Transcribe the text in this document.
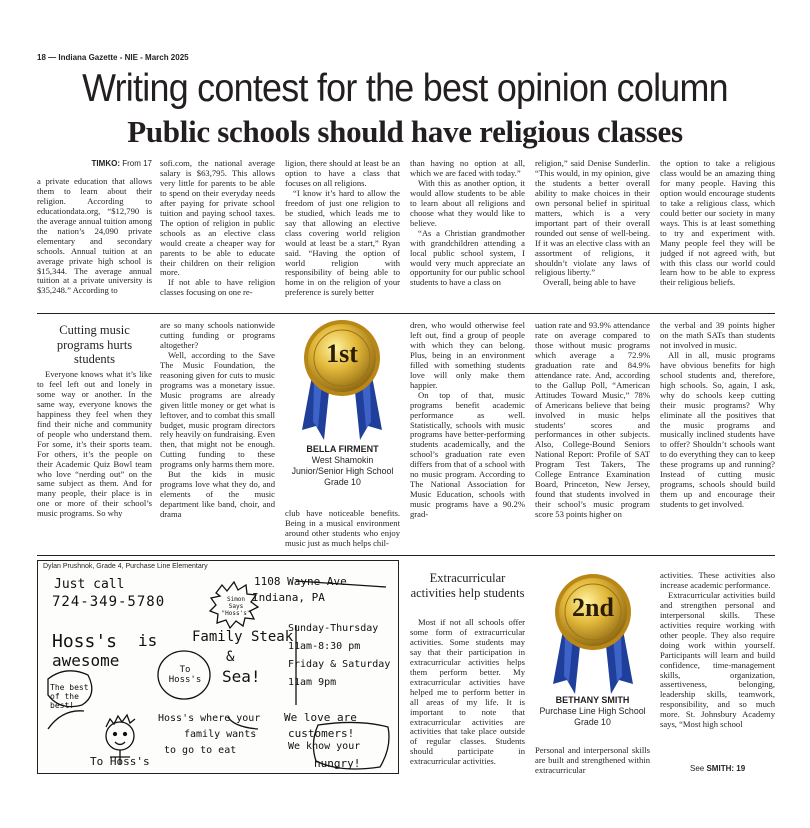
18 — Indiana Gazette - NIE - March 2025
Writing contest for the best opinion column
Public schools should have religious classes
TIMKO: From 17

a private education that allows them to learn about their religion. According to educationdata.org, “$12,790 is the average annual tuition among the nation’s 24,090 private elementary and secondary schools. Annual tuition at an average private high school is $15,344. The average annual tuition at a private university is $35,248.” According to

sofi.com, the national average salary is $63,795. This allows very little for parents to be able to spend on their everyday needs after paying for private school tuition and paying school taxes. The option of religion in public schools as an elective class would create a cheaper way for parents to be able to educate their children on their religion more.

If not able to have religion classes focusing on one re-

ligion, there should at least be an option to have a class that focuses on all religions.

“I know it’s hard to allow the freedom of just one religion to be studied, which leads me to say that allowing an elective class covering world religion would at least be a start,” Ryan said. “Having the option of world religion with responsibility of being able to home in on the religion of your preference is surely better

than having no option at all, which we are faced with today.”

With this as another option, it would allow students to be able to learn about all religions and choose what they would like to believe.

“As a Christian grandmother with grandchildren attending a local public school system, I would very much appreciate an opportunity for our public school students to have a class on

religion,” said Denise Sunderlin. “This would, in my opinion, give the students a better overall ability to make choices in their own personal belief in spiritual matters, which is a very important part of their overall rounded out sense of well-being. If it was an elective class with an assortment of religions, it shouldn’t violate any laws of religious liberty.”

Overall, being able to have

the option to take a religious class would be an amazing thing for many people. Having this option would encourage students to take a religious class, which could better our society in many ways. This is at least something to try and experiment with. Many people feel they will be judged if not agreed with, but with this class our world could learn how to be able to express their religious beliefs.

Cutting music programs hurts students

Everyone knows what it’s like to feel left out and lonely in some way or another. In the same way, everyone knows the happiness they feel when they find their niche and community of people who understand them. For some, it’s their sports team. For others, it’s the people on their Academic Quiz Bowl team who love “nerding out” on the same subject as them. And for many people, their place is in one or more of their school’s music programs. So why

are so many schools nationwide cutting funding or programs altogether?

Well, according to the Save The Music Foundation, the reasoning given for cuts to music programs was a monetary issue. Music programs are already given little money or get what is leftover, and to combat this small budget, music program directors rely heavily on fundraising. Even then, that might not be enough. Cutting funding to these programs only harms them more.

But the kids in music programs love what they do, and elements of the music department like band, choir, and drama

1st
BELLA FIRMENT
West Shamokin Junior/Senior High School
Grade 10

club have noticeable benefits. Being in a musical environment around other students who enjoy music just as much helps chil-

dren, who would otherwise feel left out, find a group of people with which they can belong. Plus, being in an environment filled with something students love will only make them happier.

On top of that, music programs benefit academic performance as well. Statistically, schools with music programs have better-performing students academically, and the school’s graduation rate even differs from that of a school with no music program. According to The National Association for Music Education, schools with music programs have a 90.2% grad-

uation rate and 93.9% attendance rate on average compared to those without music programs which average a 72.9% graduation rate and 84.9% attendance rate. And, according to the Gallup Poll, “American Attitudes Toward Music,” 78% of Americans believe that being involved in music helps students’ scores and performances in other subjects. Also, College-Bound Seniors National Report: Profile of SAT Program Test Takers, The College Entrance Examination Board, Princeton, New Jersey, found that students involved in their school’s music program score 53 points higher on

the verbal and 39 points higher on the math SATs than students not involved in music.

All in all, music programs have obvious benefits for high school students and, therefore, high schools. So, again, I ask, why do schools keep cutting their music programs? Why eliminate all the positives that the music programs and musically inclined students have to offer? Shouldn’t schools want to do everything they can to keep these programs up and running? Instead of cutting music programs, schools should build them up and encourage their students to get involved.

Dylan Prushnok, Grade 4, Purchase Line Elementary
Just call
724-349-5780
1108 Wayne Ave
Indiana, PA
Simon Says "Hoss's"
Hoss's is
awesome
Family Steak
&
Sea!
To Hoss's
The best of the best!
Sunday-Thursday
11am-8:30 pm
Friday & Saturday
11am 9pm
Hoss's where your
family wants
to go to eat
We love are
customers!
We know your
hungry!
To Hoss's
Extracurricular activities help students

Most if not all schools offer some form of extracurricular activities. Some students may say that their participation in extracurricular activities helps them perform better. My extracurricular activities have helped me to perform better in all areas of my life. It is important to note that extracurricular activities are activities that take place outside of regular classes. Students should participate in extracurricular activities.

2nd
BETHANY SMITH
Purchase Line High School
Grade 10

Personal and interpersonal skills are built and strengthened within extracurricular

activities. These activities also increase academic performance.

Extracurricular activities build and strengthen personal and interpersonal skills. These activities require working with other people. They also require doing work within yourself. Participants will learn and build confidence, time-management skills, organization, assertiveness, belonging, leadership skills, teamwork, responsibility, and so much more. St. Johnsbury Academy says, “Most high school

See SMITH: 19
